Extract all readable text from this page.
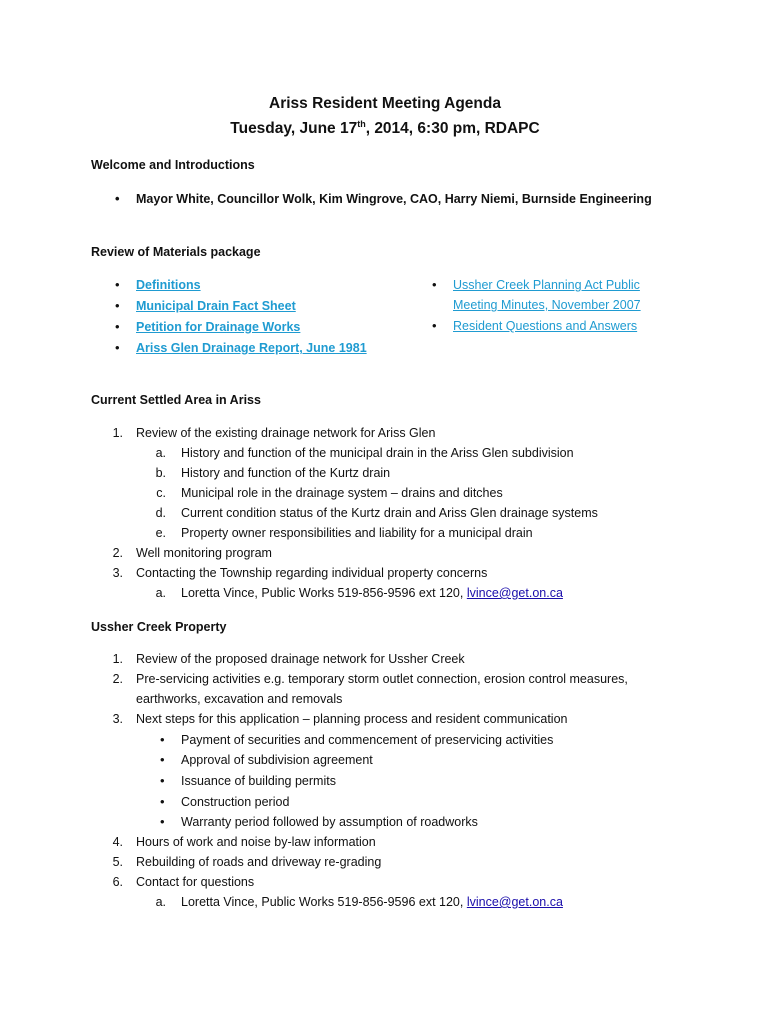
Ariss Resident Meeting Agenda
Tuesday, June 17th, 2014, 6:30 pm, RDAPC
Welcome and Introductions
• Mayor White, Councillor Wolk, Kim Wingrove, CAO, Harry Niemi, Burnside Engineering
Review of Materials package
• Definitions
• Municipal Drain Fact Sheet
• Petition for Drainage Works
• Ariss Glen Drainage Report, June 1981
• Ussher Creek Planning Act Public
Meeting Minutes, November 2007
• Resident Questions and Answers
Current Settled Area in Ariss
1. Review of the existing drainage network for Ariss Glen
a. History and function of the municipal drain in the Ariss Glen subdivision
b. History and function of the Kurtz drain
c. Municipal role in the drainage system – drains and ditches
d. Current condition status of the Kurtz drain and Ariss Glen drainage systems
e. Property owner responsibilities and liability for a municipal drain
2. Well monitoring program
3. Contacting the Township regarding individual property concerns
a. Loretta Vince, Public Works 519-856-9596 ext 120, lvince@get.on.ca
Ussher Creek Property
1. Review of the proposed drainage network for Ussher Creek
2. Pre-servicing activities e.g. temporary storm outlet connection, erosion control measures,
earthworks, excavation and removals
3. Next steps for this application – planning process and resident communication
• Payment of securities and commencement of preservicing activities
• Approval of subdivision agreement
• Issuance of building permits
• Construction period
• Warranty period followed by assumption of roadworks
4. Hours of work and noise by-law information
5. Rebuilding of roads and driveway re-grading
6. Contact for questions
a. Loretta Vince, Public Works 519-856-9596 ext 120, lvince@get.on.ca
